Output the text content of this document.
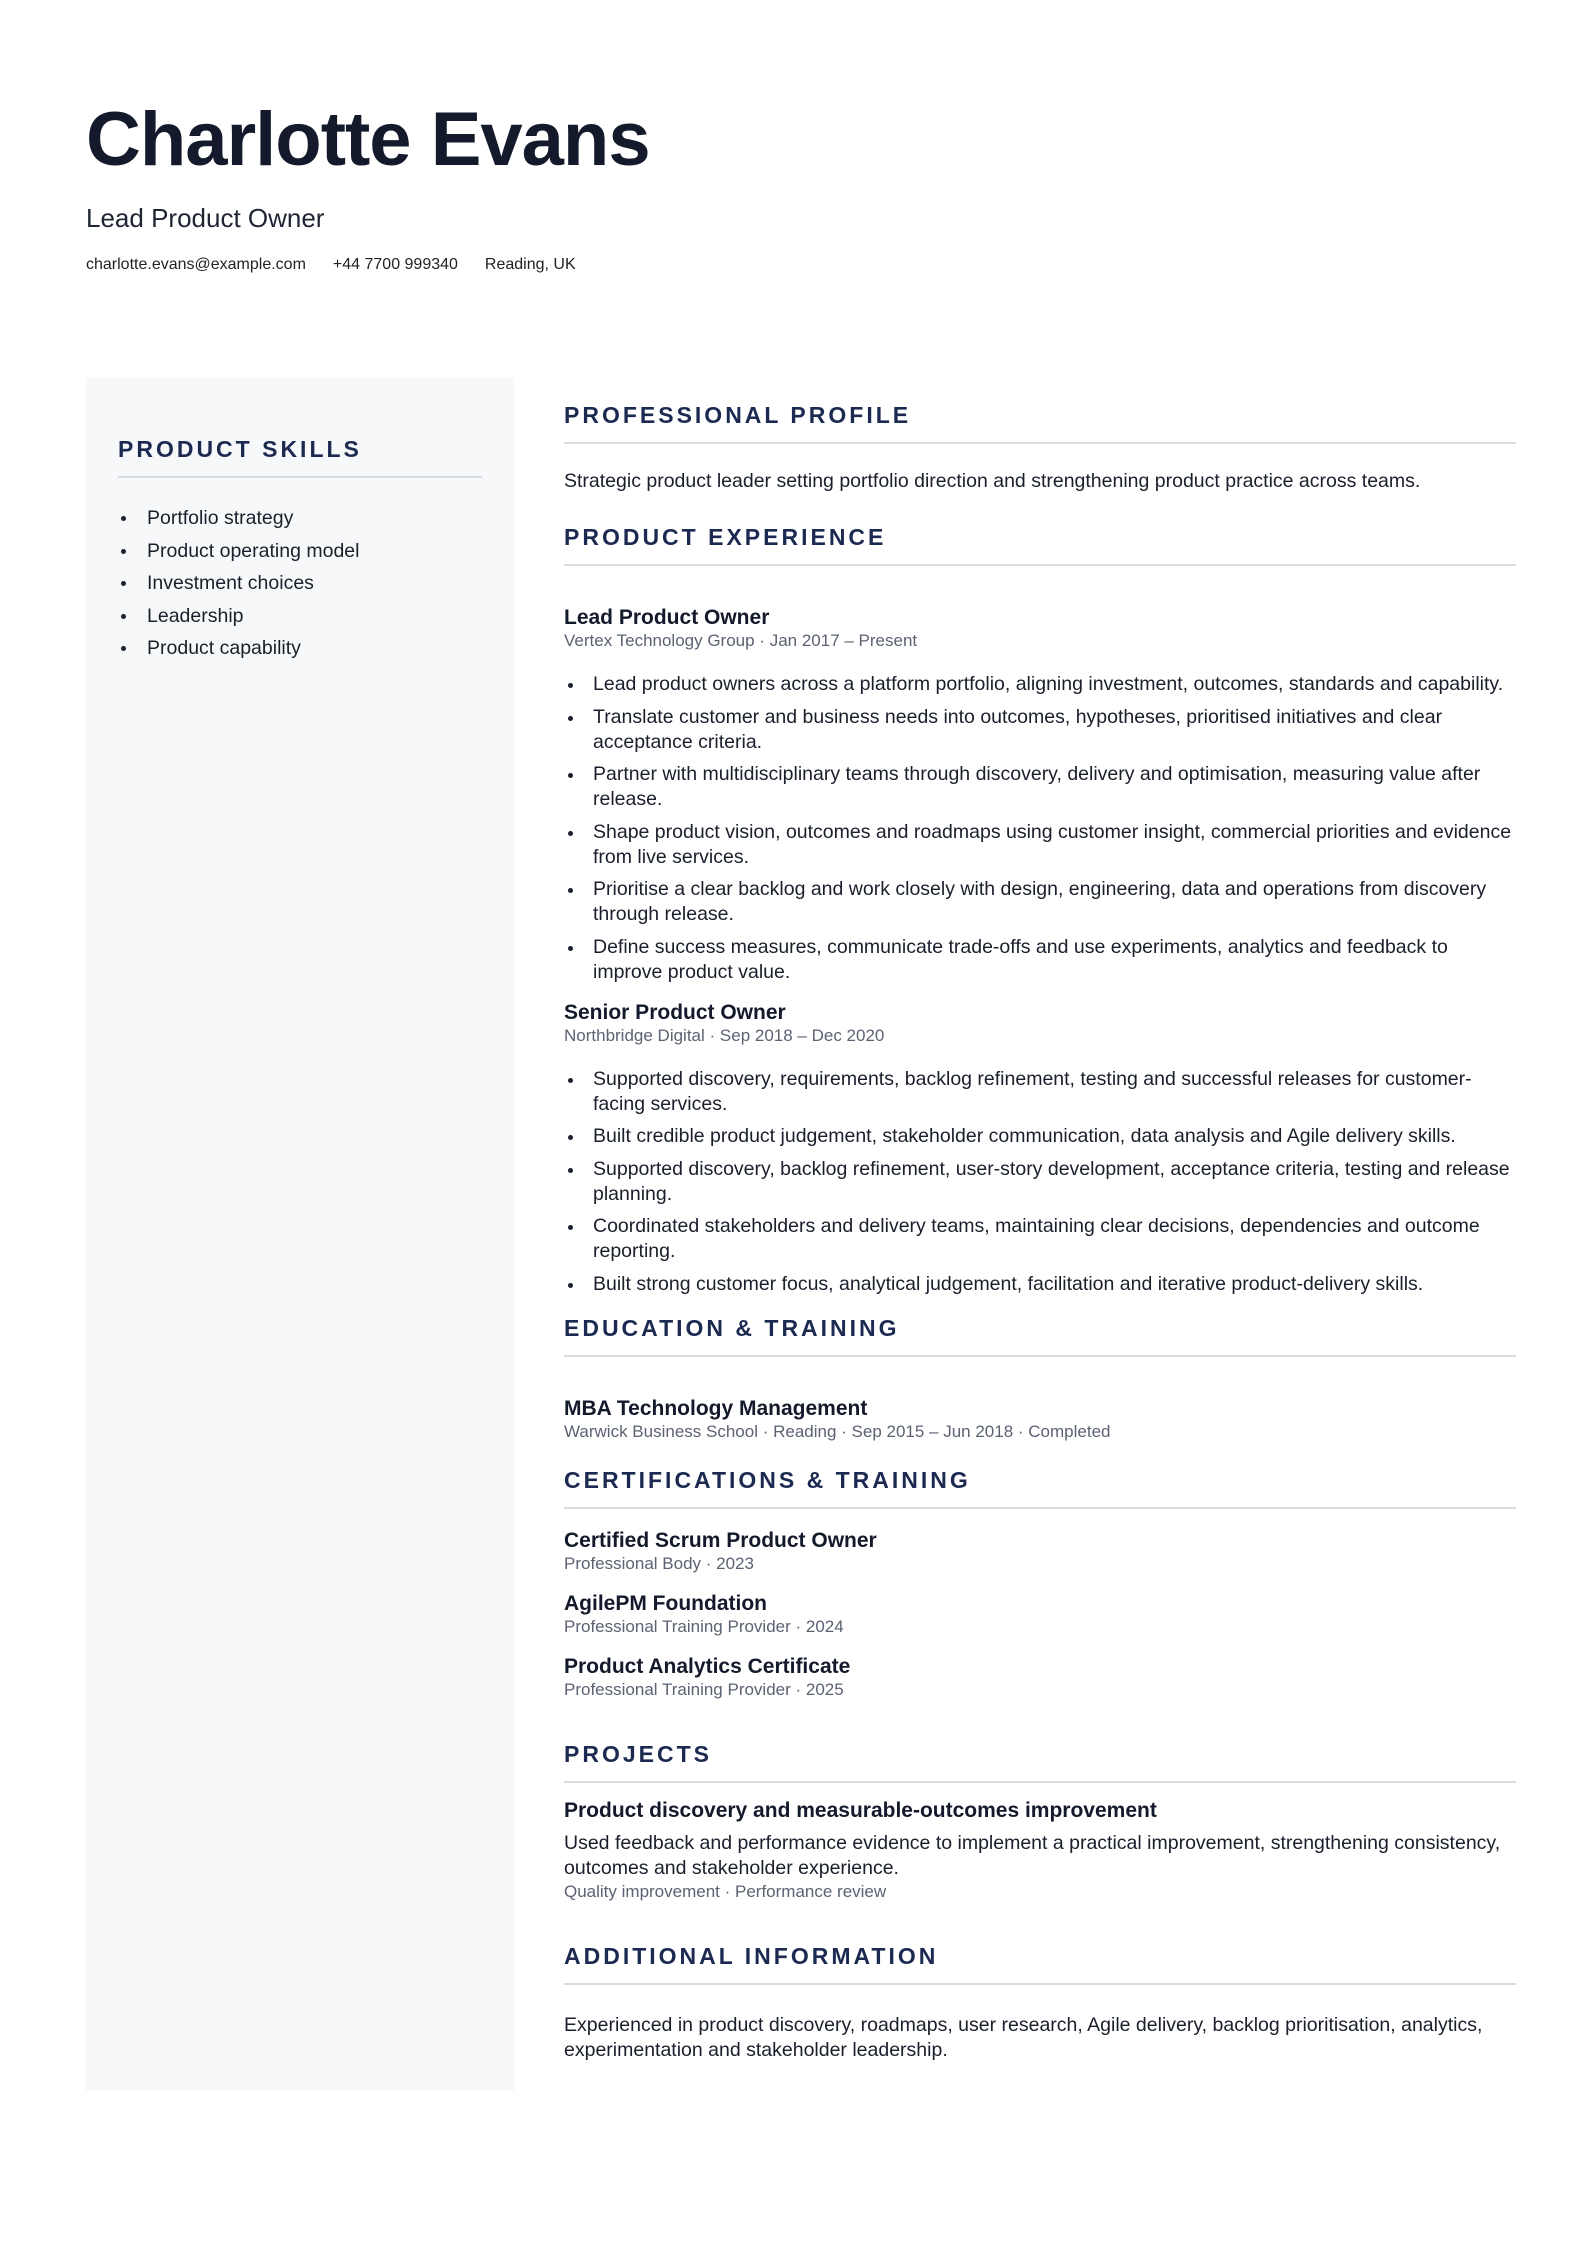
Charlotte Evans
Lead Product Owner
charlotte.evans@example.com +44 7700 999340 Reading, UK
PRODUCT SKILLS
Portfolio strategy
Product operating model
Investment choices
Leadership
Product capability
PROFESSIONAL PROFILE
Strategic product leader setting portfolio direction and strengthening product practice across teams.
PRODUCT EXPERIENCE
Lead Product Owner
Vertex Technology Group · Jan 2017 – Present
Lead product owners across a platform portfolio, aligning investment, outcomes, standards and capability.
Translate customer and business needs into outcomes, hypotheses, prioritised initiatives and clear acceptance criteria.
Partner with multidisciplinary teams through discovery, delivery and optimisation, measuring value after release.
Shape product vision, outcomes and roadmaps using customer insight, commercial priorities and evidence from live services.
Prioritise a clear backlog and work closely with design, engineering, data and operations from discovery through release.
Define success measures, communicate trade-offs and use experiments, analytics and feedback to improve product value.
Senior Product Owner
Northbridge Digital · Sep 2018 – Dec 2020
Supported discovery, requirements, backlog refinement, testing and successful releases for customer-facing services.
Built credible product judgement, stakeholder communication, data analysis and Agile delivery skills.
Supported discovery, backlog refinement, user-story development, acceptance criteria, testing and release planning.
Coordinated stakeholders and delivery teams, maintaining clear decisions, dependencies and outcome reporting.
Built strong customer focus, analytical judgement, facilitation and iterative product-delivery skills.
EDUCATION & TRAINING
MBA Technology Management
Warwick Business School · Reading · Sep 2015 – Jun 2018 · Completed
CERTIFICATIONS & TRAINING
Certified Scrum Product Owner
Professional Body · 2023
AgilePM Foundation
Professional Training Provider · 2024
Product Analytics Certificate
Professional Training Provider · 2025
PROJECTS
Product discovery and measurable-outcomes improvement
Used feedback and performance evidence to implement a practical improvement, strengthening consistency, outcomes and stakeholder experience.
Quality improvement · Performance review
ADDITIONAL INFORMATION
Experienced in product discovery, roadmaps, user research, Agile delivery, backlog prioritisation, analytics, experimentation and stakeholder leadership.
